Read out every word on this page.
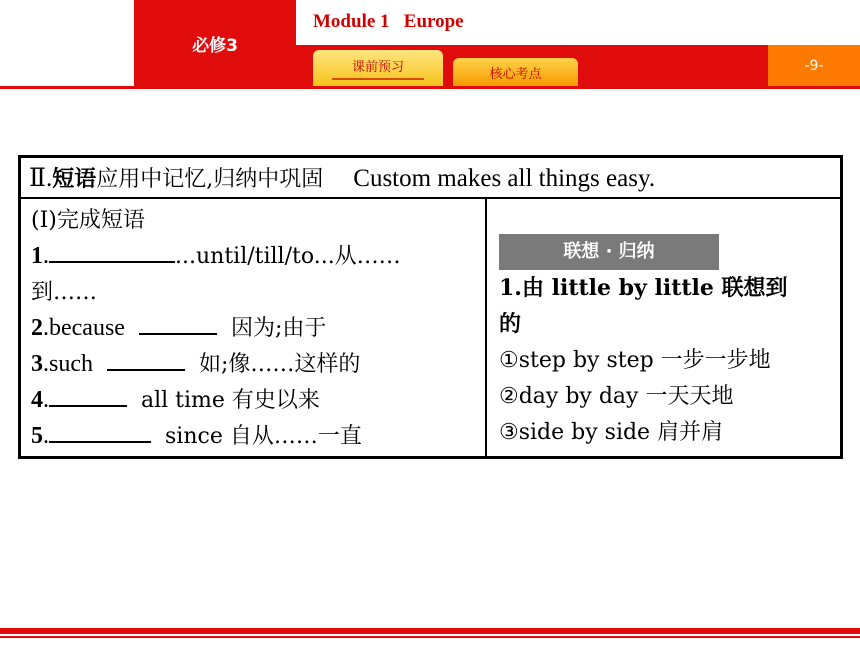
必修3
Module 1   Europe
课前预习	核心考点
-9-
Ⅱ.短语应用中记忆,归纳中巩固 Custom makes all things easy.
(Ⅰ)完成短语
1.	...until/till/to...从……
到……
2.because	因为;由于
3.such	如;像……这样的
4.	all time 有史以来
5.	since 自从……一直
联想 · 归纳
1.由 little by little 联想到
的
①step by step 一步一步地
②day by day 一天天地
③side by side 肩并肩
